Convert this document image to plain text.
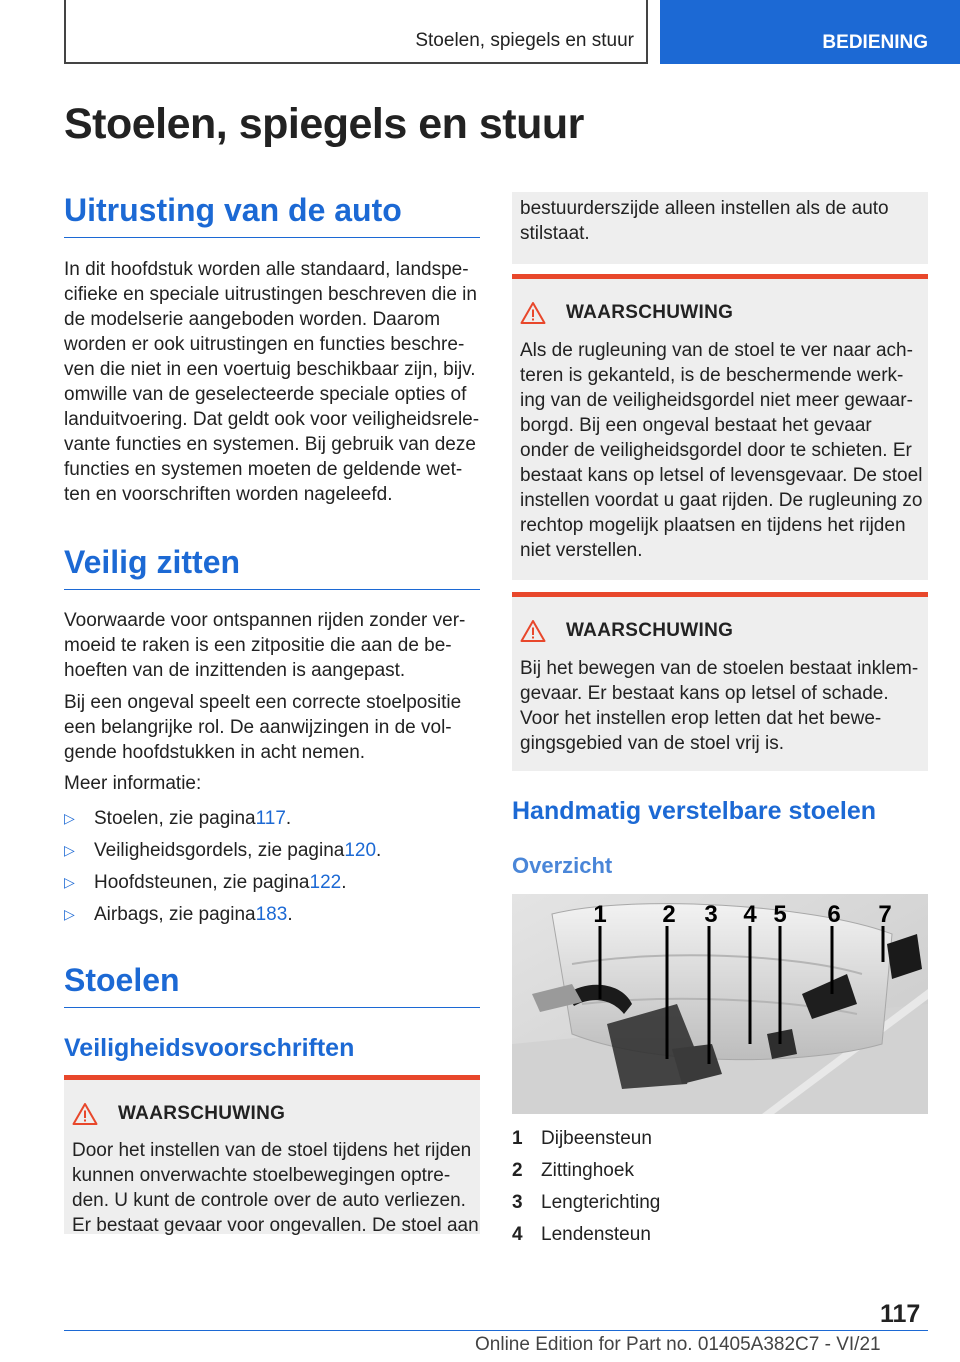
Stoelen, spiegels en stuur	BEDIENING
Stoelen, spiegels en stuur
Uitrusting van de auto
In dit hoofdstuk worden alle standaard, landspe-
cifieke en speciale uitrustingen beschreven die in
de modelserie aangeboden worden. Daarom
worden er ook uitrustingen en functies beschre-
ven die niet in een voertuig beschikbaar zijn, bijv.
omwille van de geselecteerde speciale opties of
landuitvoering. Dat geldt ook voor veiligheidsrele-
vante functies en systemen. Bij gebruik van deze
functies en systemen moeten de geldende wet-
ten en voorschriften worden nageleefd.
Veilig zitten
Voorwaarde voor ontspannen rijden zonder ver-
moeid te raken is een zitpositie die aan de be-
hoeften van de inzittenden is aangepast.
Bij een ongeval speelt een correcte stoelpositie
een belangrijke rol. De aanwijzingen in de vol-
gende hoofdstukken in acht nemen.
Meer informatie:
▷	Stoelen, zie pagina 117 .
▷	Veiligheidsgordels, zie pagina 120 .
▷	Hoofdsteunen, zie pagina 122 .
▷	Airbags, zie pagina 183 .
Stoelen
Veiligheidsvoorschriften
WAARSCHUWING
Door het instellen van de stoel tijdens het rijden
kunnen onverwachte stoelbewegingen optre-
den. U kunt de controle over de auto verliezen.
Er bestaat gevaar voor ongevallen. De stoel aan
bestuurderszijde alleen instellen als de auto
stilstaat.
WAARSCHUWING
Als de rugleuning van de stoel te ver naar ach-
teren is gekanteld, is de beschermende werk-
ing van de veiligheidsgordel niet meer gewaar-
borgd. Bij een ongeval bestaat het gevaar
onder de veiligheidsgordel door te schieten. Er
bestaat kans op letsel of levensgevaar. De stoel
instellen voordat u gaat rijden. De rugleuning zo
rechtop mogelijk plaatsen en tijdens het rijden
niet verstellen.
WAARSCHUWING
Bij het bewegen van de stoelen bestaat inklem-
gevaar. Er bestaat kans op letsel of schade.
Voor het instellen erop letten dat het bewe-
gingsgebied van de stoel vrij is.
Handmatig verstelbare stoelen
Overzicht
1 2 3 4 5 6 7
1 Dijbeensteun
2 Zittinghoek
3 Lengterichting
4 Lendensteun
117
Online Edition for Part no. 01405A382C7 - VI/21
